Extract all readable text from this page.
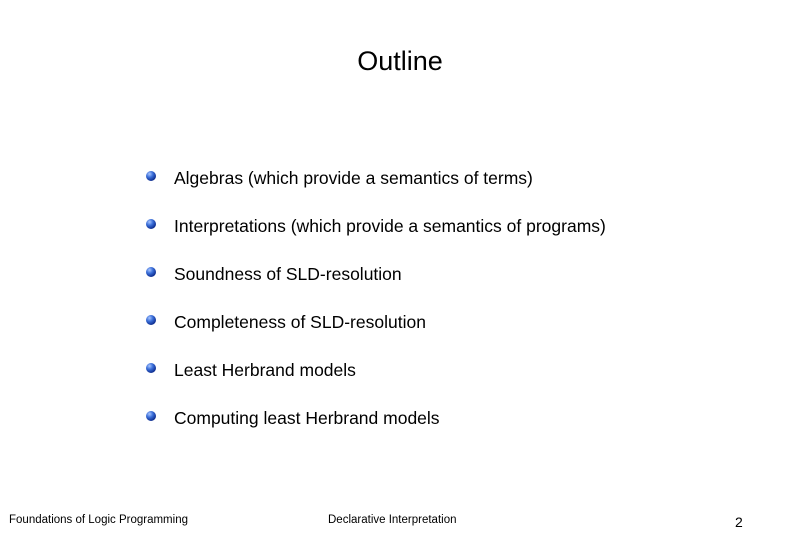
Outline
Algebras (which provide a semantics of terms)
Interpretations (which provide a semantics of programs)
Soundness of SLD-resolution
Completeness of SLD-resolution
Least Herbrand models
Computing least Herbrand models
Foundations of Logic Programming	Declarative Interpretation	2
